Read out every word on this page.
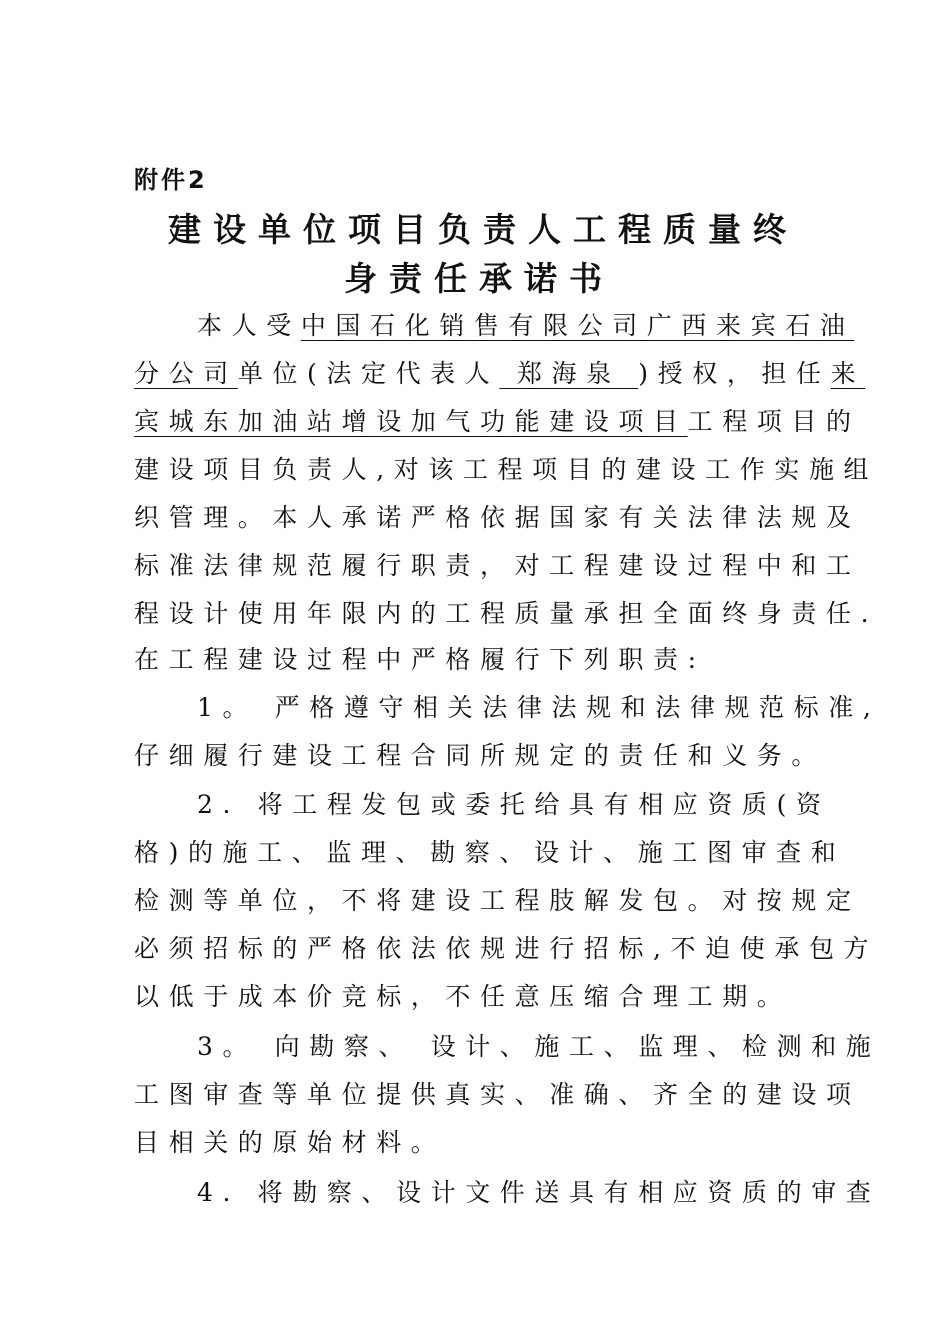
附件2
建设单位项目负责人工程质量终
身责任承诺书
本人受中国石化销售有限公司广西来宾石油
分公司单位(法定代表人 郑海泉 )授权，担任来
宾城东加油站增设加气功能建设项目工程项目的
建设项目负责人,对该工程项目的建设工作实施组
织管理。本人承诺严格依据国家有关法律法规及
标准法律规范履行职责，对工程建设过程中和工
程设计使用年限内的工程质量承担全面终身责任.
在工程建设过程中严格履行下列职责:
1。 严格遵守相关法律法规和法律规范标准,
仔细履行建设工程合同所规定的责任和义务。
2. 将工程发包或委托给具有相应资质(资
格)的施工、监理、勘察、设计、施工图审查和
检测等单位，不将建设工程肢解发包。对按规定
必须招标的严格依法依规进行招标,不迫使承包方
以低于成本价竞标，不任意压缩合理工期。
3。 向勘察、 设计、施工、监理、检测和施
工图审查等单位提供真实、准确、齐全的建设项
目相关的原始材料。
4. 将勘察、设计文件送具有相应资质的审查
